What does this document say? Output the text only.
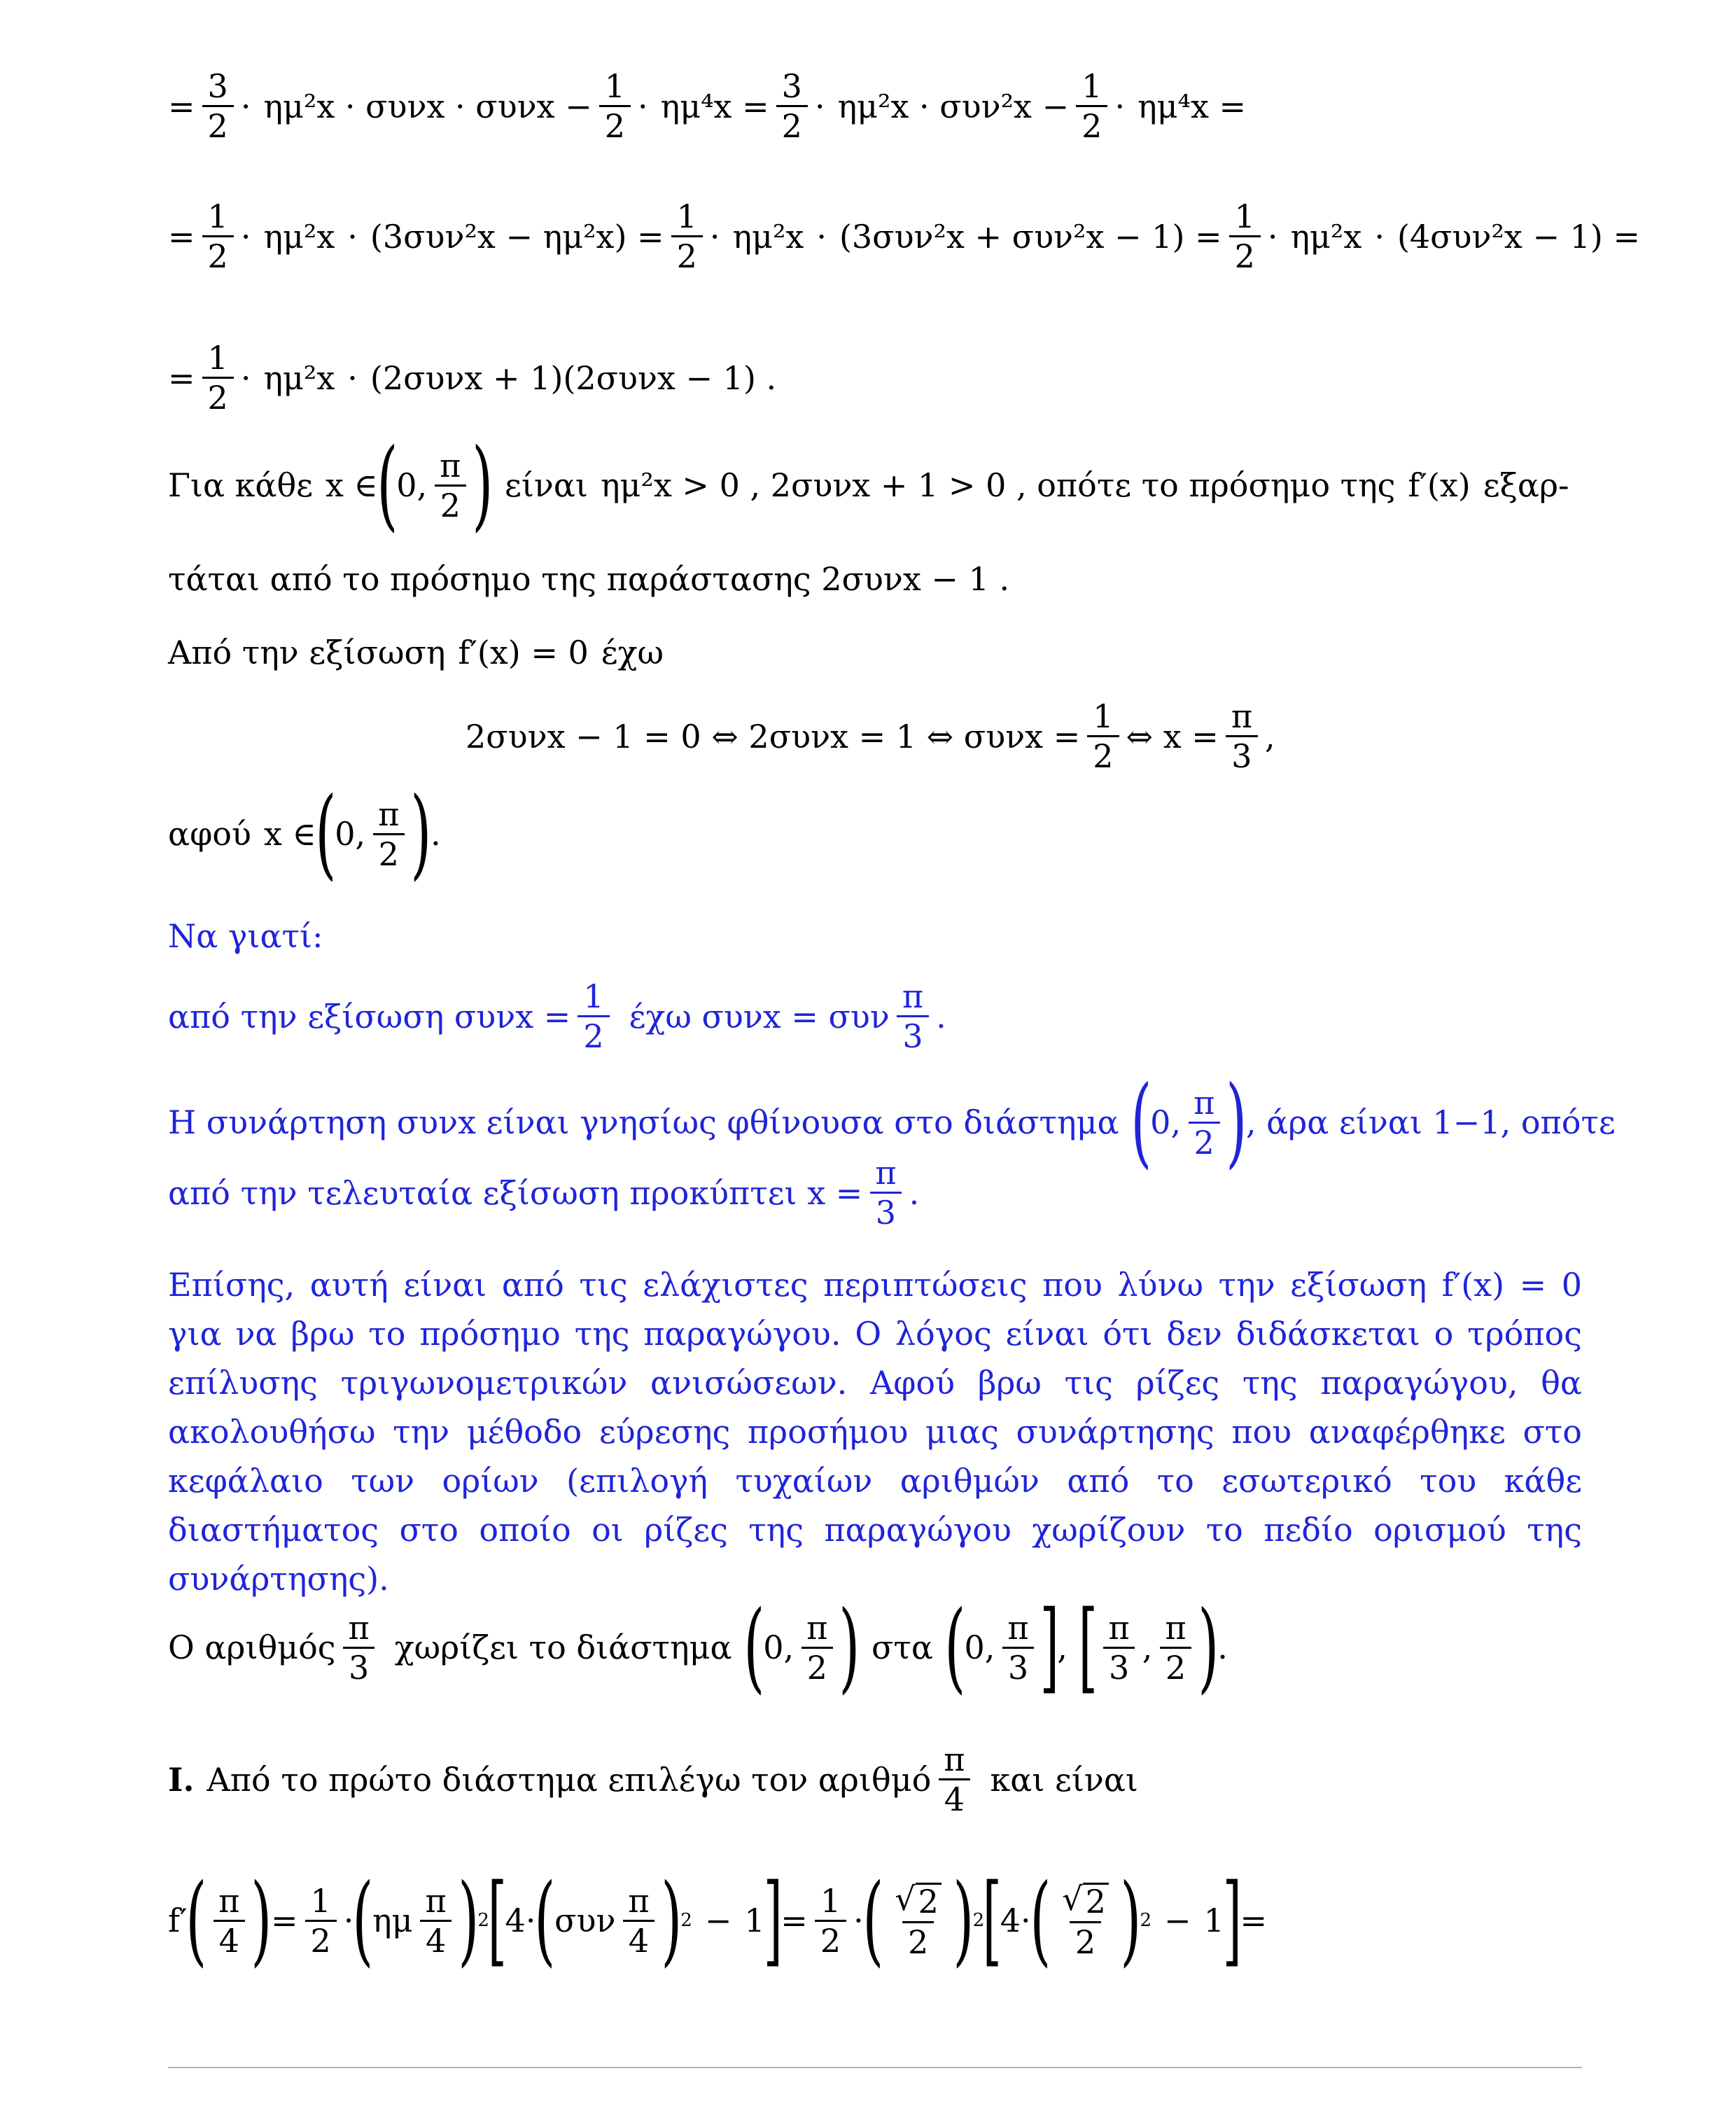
= $\frac{3}{2} \cdot \eta\mu^2x \cdot \sigma\upsilon\nu x \cdot \sigma\upsilon\nu x - \frac{1}{2} \cdot \eta\mu^4x = \frac{3}{2} \cdot \eta\mu^2x \cdot \sigma\upsilon\nu^2x - \frac{1}{2} \cdot \eta\mu^4x$ =
= $\frac{1}{2} \cdot \eta\mu^2x \cdot (3\sigma\upsilon\nu^2x - \eta\mu^2x) = \frac{1}{2} \cdot \eta\mu^2x \cdot (3\sigma\upsilon\nu^2x + \sigma\upsilon\nu^2x - 1) = \frac{1}{2} \cdot \eta\mu^2x \cdot (4\sigma\upsilon\nu^2x - 1)$ =
= $\frac{1}{2} \cdot \eta\mu^2x \cdot (2\sigma\upsilon\nu x + 1)(2\sigma\upsilon\nu x - 1)$ .
Για κάθε x ∈
(
0 , $\frac{\pi}{2}$ ) είναι ημ²x > 0 , 2συνx + 1 > 0 , οπότε το πρόσημο της f′(x) εξαρ-
τάται από το πρόσημο της παράστασης 2συνx − 1 .
Από την εξίσωση f′(x) = 0 έχω
2συνx − 1 = 0 ⇔ 2συνx = 1 ⇔ $\sigma\upsilon\nu x = \frac{1}{2}$ ⇔ $x = \frac{\pi}{3}$ ,
αφού x ∈
(
0 , $\frac{\pi}{2}$ )
.
Να γιατί:
από την εξίσωση $\sigma\upsilon\nu x = \frac{1}{2}$ έχω συνx = συν $\frac{\pi}{3}$ .
Η συνάρτηση συνx είναι γνησίως φθίνουσα στο διάστημα (
0 , $\frac{\pi}{2}$ )
, άρα είναι 1−1, οπότε
από την τελευταία εξίσωση προκύπτει $x = \frac{\pi}{3}$ .
Επίσης, αυτή είναι από τις ελάχιστες περιπτώσεις που λύνω την εξίσωση f′(x) = 0 για να βρω το πρόσημο της παραγώγου. Ο λόγος είναι ότι δεν διδάσκεται ο τρόπος επίλυσης τριγωνομετρικών ανισώσεων. Αφού βρω τις ρίζες της παραγώγου, θα ακολουθήσω την μέθοδο εύρεσης προσήμου μιας συνάρτησης που αναφέρθηκε στο κεφάλαιο των ορίων (επιλογή τυχαίων αριθμών από το εσωτερικό του κάθε διαστήματος στο οποίο οι ρίζες της παραγώγου χωρίζουν το πεδίο ορισμού της συνάρτησης).
Ο αριθμός $\frac{\pi}{3}$ χωρίζει το διάστημα (
0 , $\frac{\pi}{2}$ ) στα (
0 , $\frac{\pi}{3}$ ]
, [ $\frac{\pi}{3}$ , $\frac{\pi}{2}$ )
.
I. Από το πρώτο διάστημα επιλέγω τον αριθμό $\frac{\pi}{4}$ και είναι
f′
( $\frac{\pi}{4}$ )
= $\frac{1}{2}$ ·
(
ημ $\frac{\pi}{4}$ )
2
[
4 ·
(
συν $\frac{\pi}{4}$ )
2 − 1
]
= $\frac{1}{2}$ ·
( $\frac{√ 2}{2}$ )
2
[
4 ·
( $\frac{√ 2}{2}$ )
2 − 1
]
=
